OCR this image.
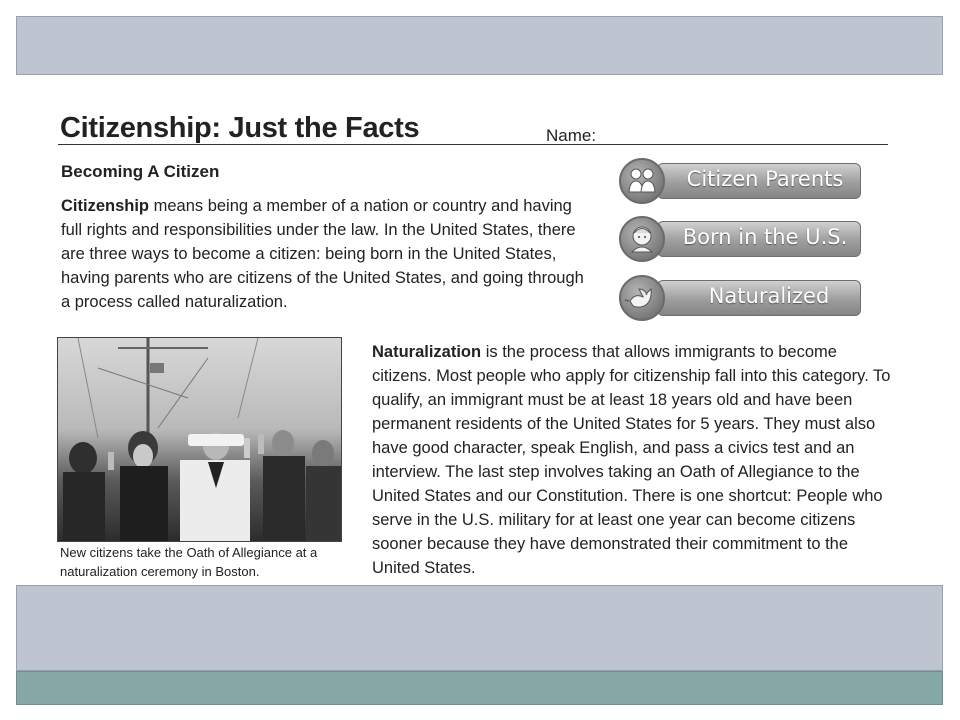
Citizenship: Just the Facts	Name:
Becoming A Citizen

Citizenship means being a member of a nation or country and having full rights and responsibilities under the law. In the United States, there are three ways to become a citizen: being born in the United States, having parents who are citizens of the United States, and going through a process called naturalization.

Citizen Parents
Born in the U.S.
Naturalized
New citizens take the Oath of Allegiance at a naturalization ceremony in Boston.

Naturalization is the process that allows immigrants to become citizens. Most people who apply for citizenship fall into this category. To qualify, an immigrant must be at least 18 years old and have been permanent residents of the United States for 5 years. They must also have good character, speak English, and pass a civics test and an interview. The last step involves taking an Oath of Allegiance to the United States and our Constitution. There is one shortcut: People who serve in the U.S. military for at least one year can become citizens sooner because they have demonstrated their commitment to the United States.
